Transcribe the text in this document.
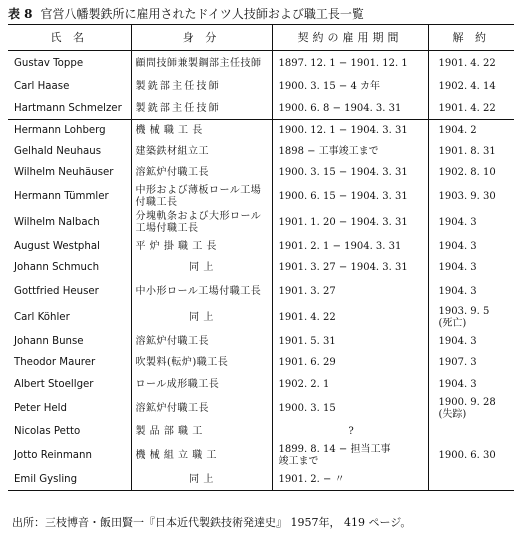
表 8 官営八幡製鉄所に雇用されたドイツ人技師および職工長一覧
氏 名	身 分	契約の雇用期間	解 約
Gustav Toppe	顧問技師兼製鋼部主任技師	1897. 12. 1 − 1901. 12. 1	1901. 4. 22
Carl Haase	製銑部主任技師	1900. 3. 15 − 4 カ年	1902. 4. 14
Hartmann Schmelzer	製銑部主任技師	1900. 6. 8 − 1904. 3. 31	1901. 4. 22
Hermann Lohberg	機 械 職 工 長	1900. 12. 1 − 1904. 3. 31	1904. 2
Gelhald Neuhaus	建築鉄材組立工	1898 − 工事竣工まで	1901. 8. 31
Wilhelm Neuhäuser	溶鉱炉付職工長	1900. 3. 15 − 1904. 3. 31	1902. 8. 10
Hermann Tümmler	中形および薄板ロール工場付職工長	1900. 6. 15 − 1904. 3. 31	1903. 9. 30
Wilhelm Nalbach	分塊軌条および大形ロール工場付職工長	1901. 1. 20 − 1904. 3. 31	1904. 3
August Westphal	平 炉 掛 職 工 長	1901. 2. 1 − 1904. 3. 31	1904. 3
Johann Schmuch	同 上	1901. 3. 27 − 1904. 3. 31	1904. 3
Gottfried Heuser	中小形ロール工場付職工長	1901. 3. 27	1904. 3
Carl Köhler	同 上	1901. 4. 22	1903. 9. 5
(死亡)
Johann Bunse	溶鉱炉付職工長	1901. 5. 31	1904. 3
Theodor Maurer	吹製料(転炉)職工長	1901. 6. 29	1907. 3
Albert Stoellger	ロール成形職工長	1902. 2. 1	1904. 3
Peter Held	溶鉱炉付職工長	1900. 3. 15	1900. 9. 28
(失踪)
Nicolas Petto	製 品 部 職 工	?	
Jotto Reinmann	機 械 組 立 職 工	1899. 8. 14 − 担当工事
竣工まで	1900. 6. 30
Emil Gysling	同 上	1901. 2. − 〃	
出所：三枝博音・飯田賢一『日本近代製鉄技術発達史』 1957年， 419 ページ。
